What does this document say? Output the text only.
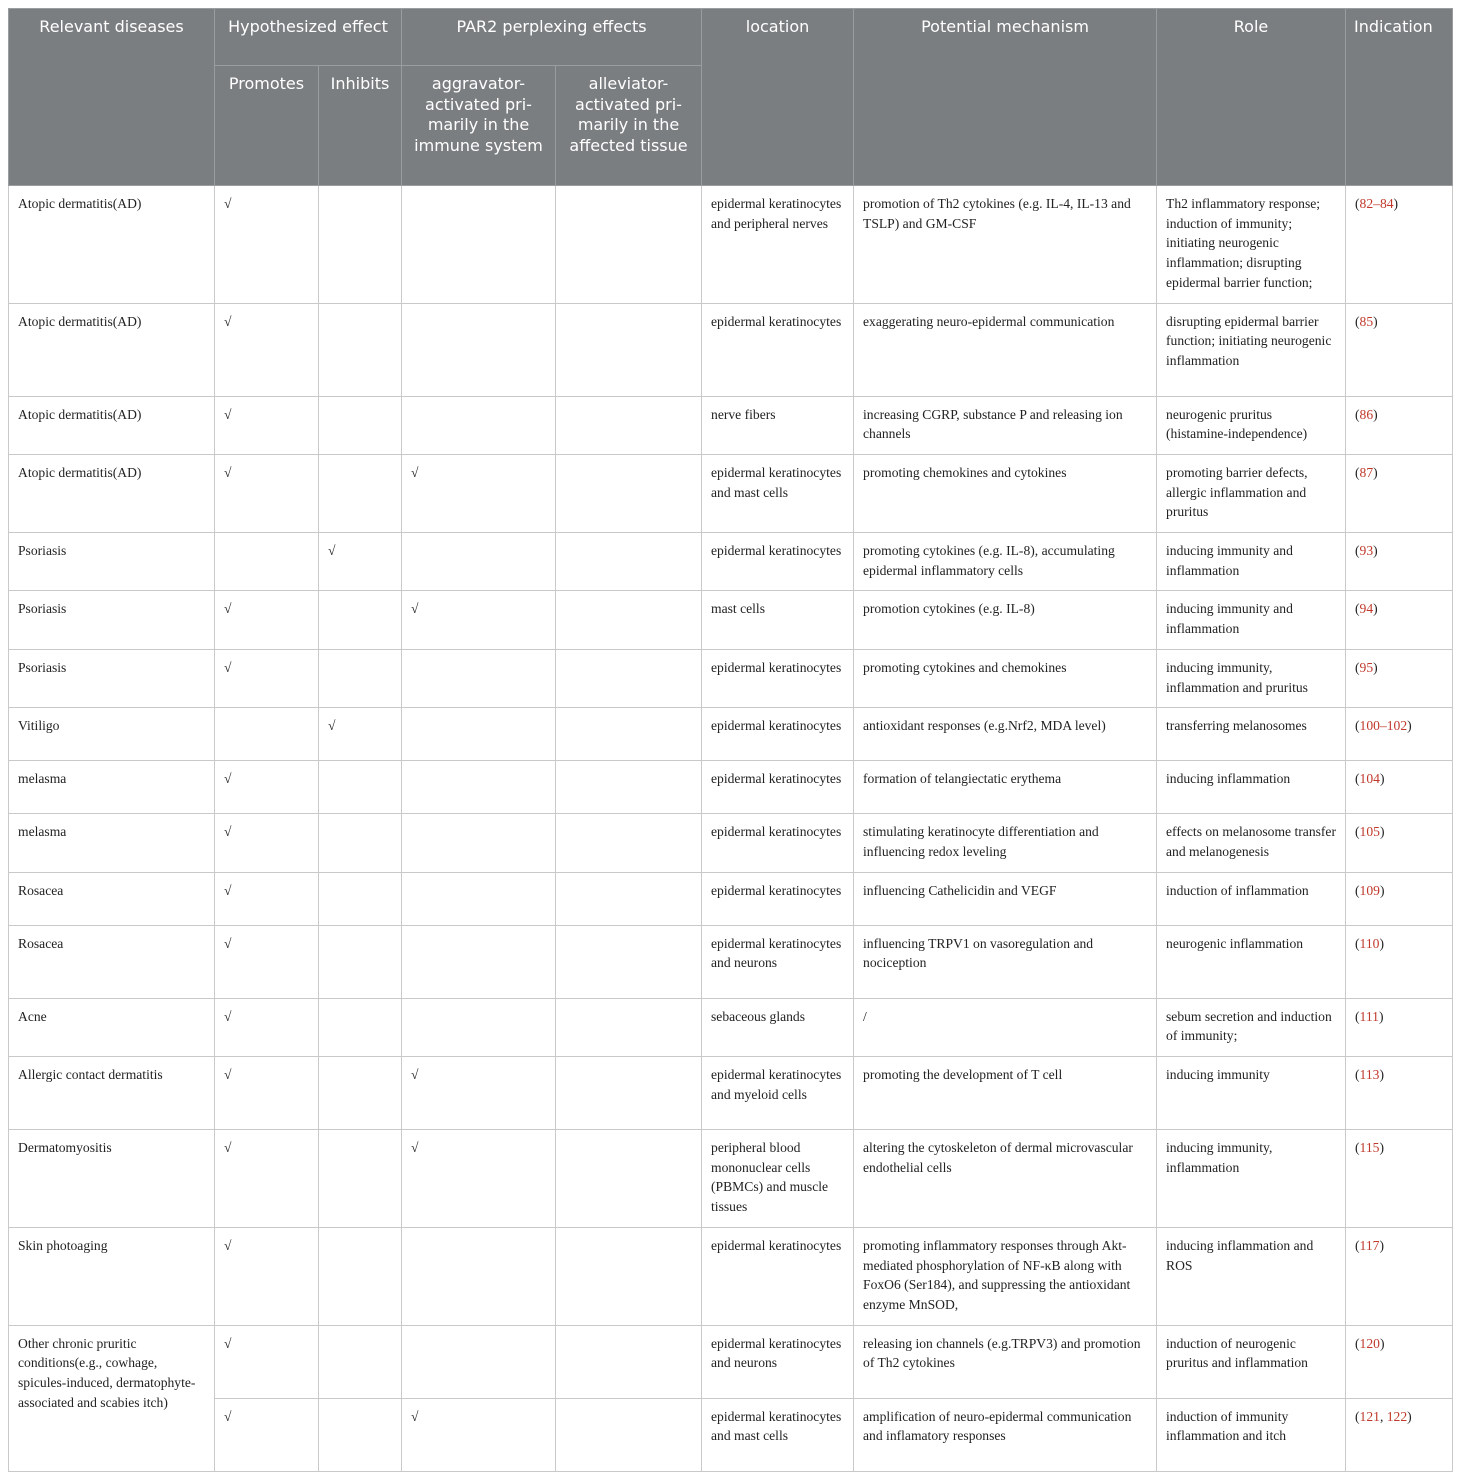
Relevant diseases	Hypothesized effect		PAR2 perplexing effects		location	Potential mechanism	Role	Indication
	Promotes	Inhibits	aggravator-activated pri-marily in the immune system	alleviator-activated pri-marily in the affected tissue				
Atopic dermatitis(AD)	√				epidermal keratinocytes and peripheral nerves	promotion of Th2 cytokines (e.g. IL-4, IL-13 and TSLP) and GM-CSF	Th2 inflammatory response; induction of immunity; initiating neurogenic inflammation; disrupting epidermal barrier function;	(82–84)
Atopic dermatitis(AD)	√				epidermal keratinocytes	exaggerating neuro-epidermal communication	disrupting epidermal barrier function; initiating neurogenic inflammation	(85)
Atopic dermatitis(AD)	√				nerve fibers	increasing CGRP, substance P and releasing ion channels	neurogenic pruritus (histamine-independence)	(86)
Atopic dermatitis(AD)	√		√		epidermal keratinocytes and mast cells	promoting chemokines and cytokines	promoting barrier defects, allergic inflammation and pruritus	(87)
Psoriasis		√			epidermal keratinocytes	promoting cytokines (e.g. IL-8), accumulating epidermal inflammatory cells	inducing immunity and inflammation	(93)
Psoriasis	√		√		mast cells	promotion cytokines (e.g. IL-8)	inducing immunity and inflammation	(94)
Psoriasis	√				epidermal keratinocytes	promoting cytokines and chemokines	inducing immunity, inflammation and pruritus	(95)
Vitiligo		√			epidermal keratinocytes	antioxidant responses (e.g.Nrf2, MDA level)	transferring melanosomes	(100–102)
melasma	√				epidermal keratinocytes	formation of telangiectatic erythema	inducing inflammation	(104)
melasma	√				epidermal keratinocytes	stimulating keratinocyte differentiation and influencing redox leveling	effects on melanosome transfer and melanogenesis	(105)
Rosacea	√				epidermal keratinocytes	influencing Cathelicidin and VEGF	induction of inflammation	(109)
Rosacea	√				epidermal keratinocytes and neurons	influencing TRPV1 on vasoregulation and nociception	neurogenic inflammation	(110)
Acne	√				sebaceous glands	/	sebum secretion and induction of immunity;	(111)
Allergic contact dermatitis	√		√		epidermal keratinocytes and myeloid cells	promoting the development of T cell	inducing immunity	(113)
Dermatomyositis	√		√		peripheral blood mononuclear cells (PBMCs) and muscle tissues	altering the cytoskeleton of dermal microvascular endothelial cells	inducing immunity, inflammation	(115)
Skin photoaging	√				epidermal keratinocytes	promoting inflammatory responses through Akt-mediated phosphorylation of NF-κB along with FoxO6 (Ser184), and suppressing the antioxidant enzyme MnSOD,	inducing inflammation and ROS	(117)
Other chronic pruritic conditions(e.g., cowhage, spicules-induced, dermatophyte-associated and scabies itch)	√				epidermal keratinocytes and neurons	releasing ion channels (e.g.TRPV3) and promotion of Th2 cytokines	induction of neurogenic pruritus and inflammation	(120)
	√		√		epidermal keratinocytes and mast cells	amplification of neuro-epidermal communication and inflamatory responses	induction of immunity inflammation and itch	(121, 122)
